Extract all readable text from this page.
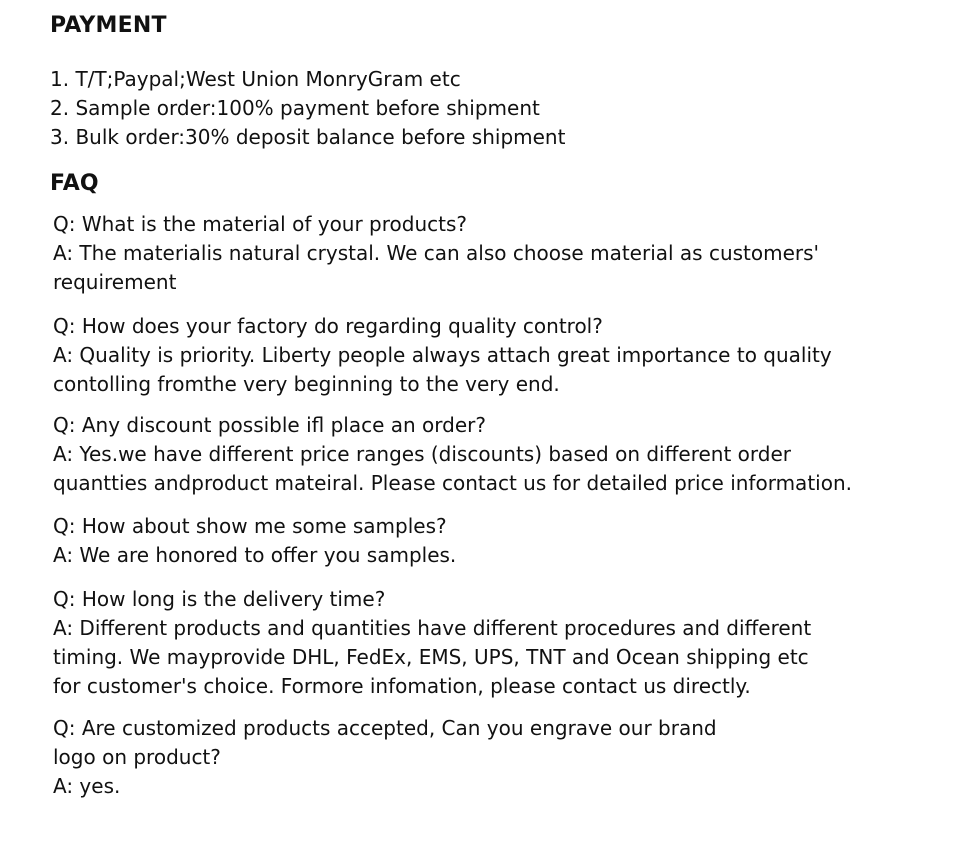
PAYMENT
1. T/T;Paypal;West Union MonryGram etc
2. Sample order:100% payment before shipment
3. Bulk order:30% deposit balance before shipment
FAQ
Q: What is the material of your products?
A: The materialis natural crystal. We can also choose material as customers'
requirement
Q: How does your factory do regarding quality control?
A: Quality is priority. Liberty people always attach great importance to quality
contolling fromthe very beginning to the very end.
Q: Any discount possible ifl place an order?
A: Yes.we have different price ranges (discounts) based on different order
quantties andproduct mateiral. Please contact us for detailed price information.
Q: How about show me some samples?
A: We are honored to offer you samples.
Q: How long is the delivery time?
A: Different products and quantities have different procedures and different
timing. We mayprovide DHL, FedEx, EMS, UPS, TNT and Ocean shipping etc
for customer's choice. Formore infomation, please contact us directly.
Q: Are customized products accepted, Can you engrave our brand
logo on product?
A: yes.
